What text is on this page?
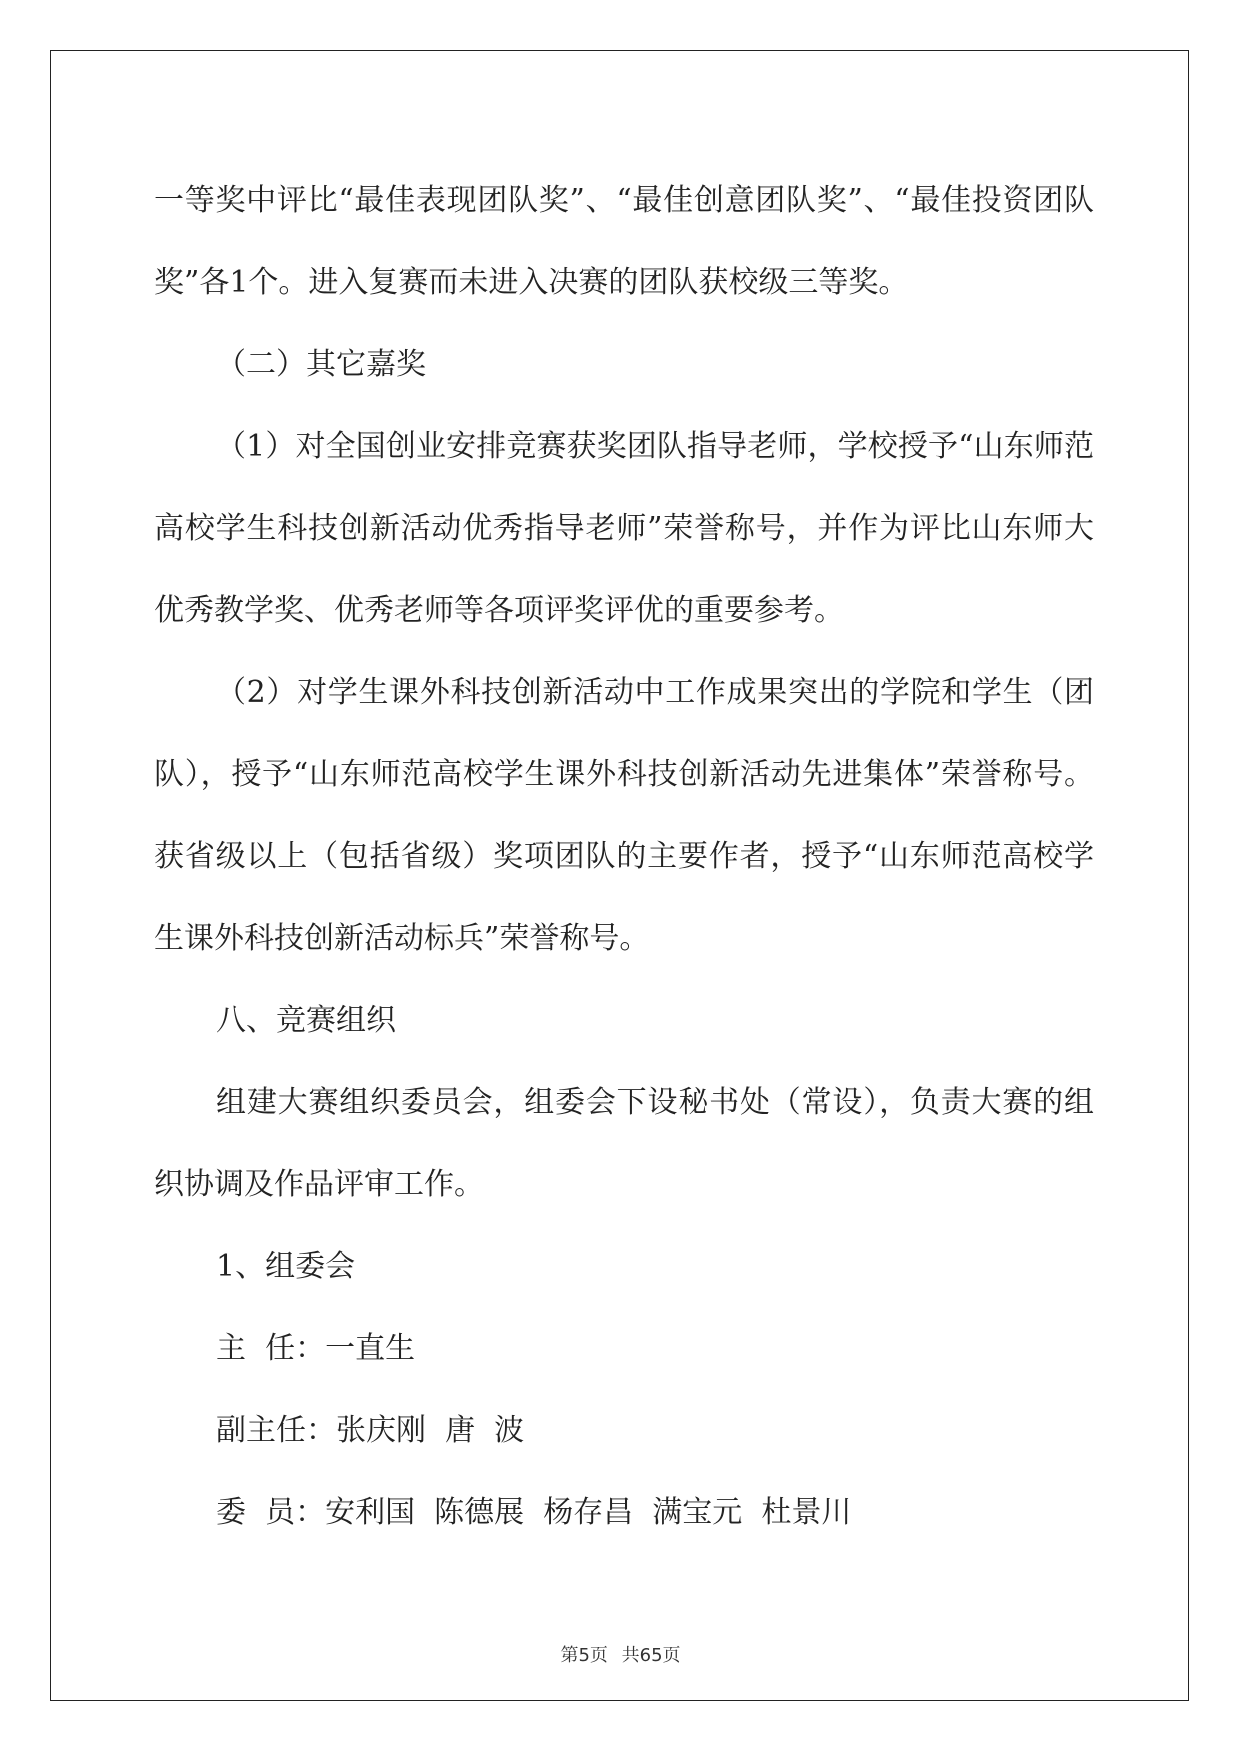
一等奖中评比“最佳表现团队奖”、“最佳创意团队奖”、“最佳投资团队奖”各1个。进入复赛而未进入决赛的团队获校级三等奖。

（二）其它嘉奖

（1）对全国创业安排竞赛获奖团队指导老师，学校授予“山东师范高校学生科技创新活动优秀指导老师”荣誉称号，并作为评比山东师大优秀教学奖、优秀老师等各项评奖评优的重要参考。

（2）对学生课外科技创新活动中工作成果突出的学院和学生（团队），授予“山东师范高校学生课外科技创新活动先进集体”荣誉称号。获省级以上（包括省级）奖项团队的主要作者，授予“山东师范高校学生课外科技创新活动标兵”荣誉称号。

八、竞赛组织

组建大赛组织委员会，组委会下设秘书处（常设），负责大赛的组织协调及作品评审工作。

1、组委会

主  任：一直生

副主任：张庆刚  唐  波

委  员：安利国  陈德展  杨存昌  满宝元  杜景川

第5页 共65页
